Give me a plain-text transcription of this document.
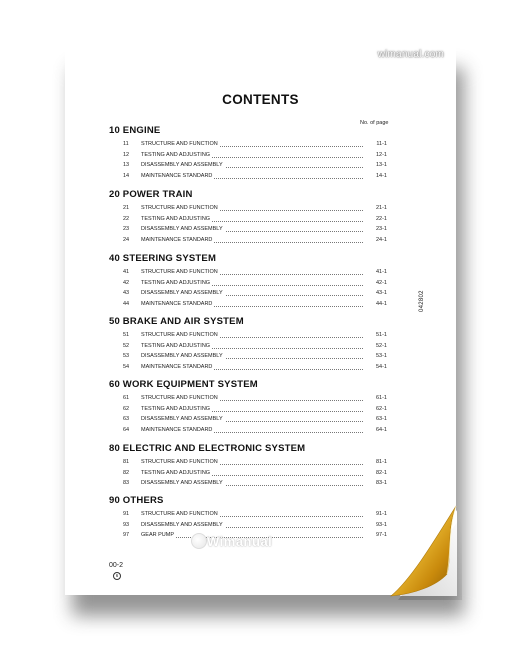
wimanual.com
CONTENTS
No. of page
042802
10 ENGINE
20 POWER TRAIN
40 STEERING SYSTEM
50 BRAKE AND AIR SYSTEM
60 WORK EQUIPMENT SYSTEM
80 ELECTRIC AND ELECTRONIC SYSTEM
90 OTHERS
11 STRUCTURE AND FUNCTION	11-1
12 TESTING AND ADJUSTING	12-1
13 DISASSEMBLY AND ASSEMBLY	13-1
14 MAINTENANCE STANDARD	14-1
21 STRUCTURE AND FUNCTION	21-1
22 TESTING AND ADJUSTING	22-1
23 DISASSEMBLY AND ASSEMBLY	23-1
24 MAINTENANCE STANDARD	24-1
41 STRUCTURE AND FUNCTION	41-1
42 TESTING AND ADJUSTING	42-1
43 DISASSEMBLY AND ASSEMBLY	43-1
44 MAINTENANCE STANDARD	44-1
51 STRUCTURE AND FUNCTION	51-1
52 TESTING AND ADJUSTING	52-1
53 DISASSEMBLY AND ASSEMBLY	53-1
54 MAINTENANCE STANDARD	54-1
61 STRUCTURE AND FUNCTION	61-1
62 TESTING AND ADJUSTING	62-1
63 DISASSEMBLY AND ASSEMBLY	63-1
64 MAINTENANCE STANDARD	64-1
81 STRUCTURE AND FUNCTION	81-1
82 TESTING AND ADJUSTING	82-1
83 DISASSEMBLY AND ASSEMBLY	83-1
91 STRUCTURE AND FUNCTION	91-1
93 DISASSEMBLY AND ASSEMBLY	93-1
97 GEAR PUMP	97-1
Wimanual
00-2
6
